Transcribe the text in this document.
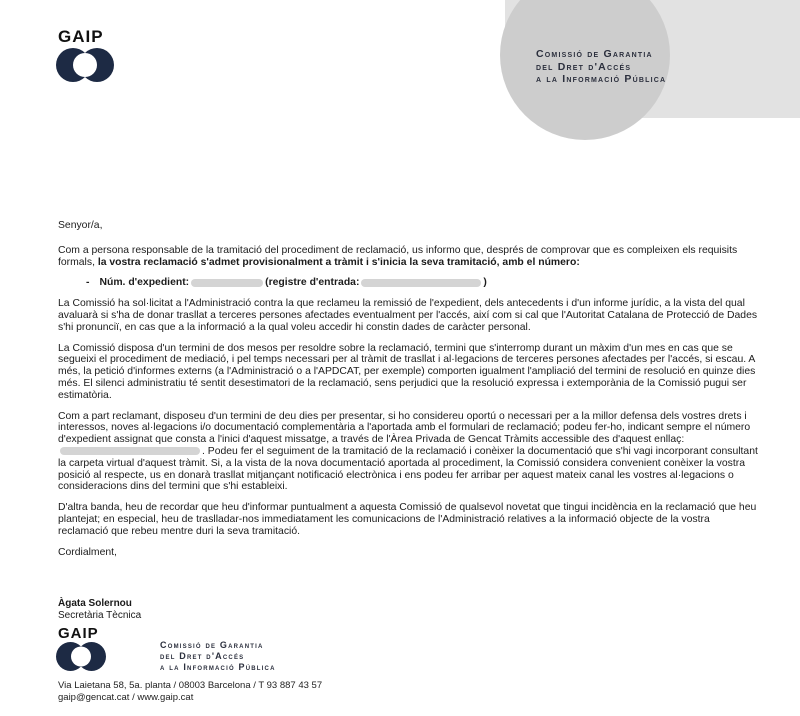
GAIP
Comissió de Garantia
del Dret d'Accés
a la Informació Pública

Senyor/a,

Com a persona responsable de la tramitació del procediment de reclamació, us informo que, després de comprovar que es compleixen els requisits formals, la vostra reclamació s'admet provisionalment a tràmit i s'inicia la seva tramitació, amb el número:

- Núm. d'expedient:	(registre d'entrada:	)

La Comissió ha sol·licitat a l'Administració contra la que reclameu la remissió de l'expedient, dels antecedents i d'un informe jurídic, a la vista del qual avaluarà si s'ha de donar trasllat a terceres persones afectades eventualment per l'accés, així com si cal que l'Autoritat Catalana de Protecció de Dades s'hi pronunciï, en cas que a la informació a la qual voleu accedir hi constin dades de caràcter personal.

La Comissió disposa d'un termini de dos mesos per resoldre sobre la reclamació, termini que s'interromp durant un màxim d'un mes en cas que se segueixi el procediment de mediació, i pel temps necessari per al tràmit de trasllat i al·legacions de terceres persones afectades per l'accés, si escau. A més, la petició d'informes externs (a l'Administració o a l'APDCAT, per exemple) comporten igualment l'ampliació del termini de resolució en quinze dies més. El silenci administratiu té sentit desestimatori de la reclamació, sens perjudici que la resolució expressa i extemporània de la Comissió pugui ser estimatòria.

Com a part reclamant, disposeu d'un termini de deu dies per presentar, si ho considereu oportú o necessari per a la millor defensa dels vostres drets i interessos, noves al·legacions i/o documentació complementària a l'aportada amb el formulari de reclamació; podeu fer-ho, indicant sempre el número d'expedient assignat que consta a l'inici d'aquest missatge, a través de l'Àrea Privada de Gencat Tràmits accessible des d'aquest enllaç:. Podeu fer el seguiment de la tramitació de la reclamació i conèixer la documentació que s'hi vagi incorporant consultant la carpeta virtual d'aquest tràmit. Si, a la vista de la nova documentació aportada al procediment, la Comissió considera convenient conèixer la vostra posició al respecte, us en donarà trasllat mitjançant notificació electrònica i ens podeu fer arribar per aquest mateix canal les vostres al·legacions o consideracions dins del termini que s'hi estableixi.

D'altra banda, heu de recordar que heu d'informar puntualment a aquesta Comissió de qualsevol novetat que tingui incidència en la reclamació que heu plantejat; en especial, heu de traslladar-nos immediatament les comunicacions de l'Administració relatives a la informació objecte de la vostra reclamació que rebeu mentre duri la seva tramitació.

Cordialment,

Àgata Solernou
Secretària Tècnica
GAIP
Comissió de Garantia
del Dret d'Accés
a la Informació Pública
Via Laietana 58, 5a. planta / 08003 Barcelona / T 93 887 43 57
gaip@gencat.cat / www.gaip.cat
